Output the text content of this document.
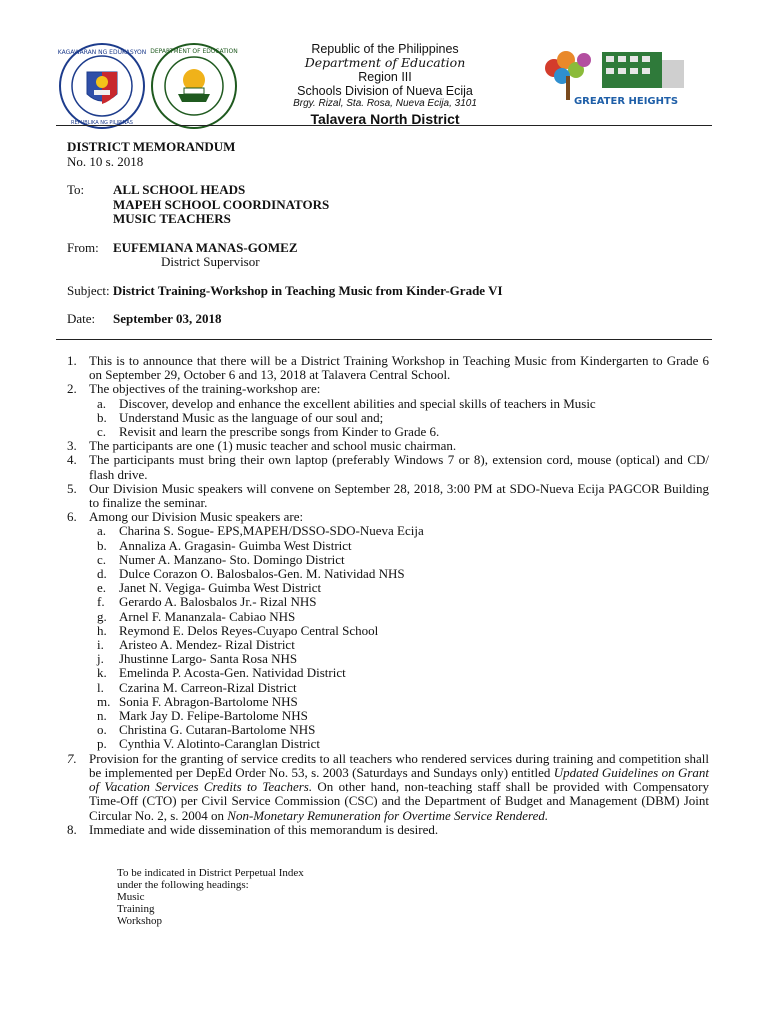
KAGAWARAN NG EDUKASYON
REPUBLIKA NG PILIPINAS
DEPARTMENT OF EDUCATION
GREATER HEIGHTS
Republic of the Philippines
Department of Education
Region III
Schools Division of Nueva Ecija
Brgy. Rizal, Sta. Rosa, Nueva Ecija, 3101
Talavera North District
DISTRICT MEMORANDUM
No. 10 s. 2018
To: ALL SCHOOL HEADS
MAPEH SCHOOL COORDINATORS
MUSIC TEACHERS
From: EUFEMIANA MANAS-GOMEZ
District Supervisor
Subject: District Training-Workshop in Teaching Music from Kinder-Grade VI
Date: September 03, 2018
1. This is to announce that there will be a District Training Workshop in Teaching Music from Kindergarten to Grade 6 on September 29, October 6 and 13, 2018 at Talavera Central School.
2. The objectives of the training-workshop are:
a. Discover, develop and enhance the excellent abilities and special skills of teachers in Music
b. Understand Music as the language of our soul and;
c. Revisit and learn the prescribe songs from Kinder to Grade 6.
3. The participants are one (1) music teacher and school music chairman.
4. The participants must bring their own laptop (preferably Windows 7 or 8), extension cord, mouse (optical) and CD/ flash drive.
5. Our Division Music speakers will convene on September 28, 2018, 3:00 PM at SDO-Nueva Ecija PAGCOR Building to finalize the seminar.
6. Among our Division Music speakers are:
a. Charina S. Sogue- EPS,MAPEH/DSSO-SDO-Nueva Ecija
b. Annaliza A. Gragasin- Guimba West District
c. Numer A. Manzano- Sto. Domingo District
d. Dulce Corazon O. Balosbalos-Gen. M. Natividad NHS
e. Janet N. Vegiga- Guimba West District
f. Gerardo A. Balosbalos Jr.- Rizal NHS
g. Arnel F. Mananzala- Cabiao NHS
h. Reymond E. Delos Reyes-Cuyapo Central School
i. Aristeo A. Mendez- Rizal District
j. Jhustinne Largo- Santa Rosa NHS
k. Emelinda P. Acosta-Gen. Natividad District
l. Czarina M. Carreon-Rizal District
m. Sonia F. Abragon-Bartolome NHS
n. Mark Jay D. Felipe-Bartolome NHS
o. Christina G. Cutaran-Bartolome NHS
p. Cynthia V. Alotinto-Caranglan District
7. Provision for the granting of service credits to all teachers who rendered services during training and competition shall be implemented per DepEd Order No. 53, s. 2003 (Saturdays and Sundays only) entitled Updated Guidelines on Grant of Vacation Services Credits to Teachers. On other hand, non-teaching staff shall be provided with Compensatory Time-Off (CTO) per Civil Service Commission (CSC) and the Department of Budget and Management (DBM) Joint Circular No. 2, s. 2004 on Non-Monetary Remuneration for Overtime Service Rendered.
8. Immediate and wide dissemination of this memorandum is desired.
To be indicated in District Perpetual Index
under the following headings:
Music
Training
Workshop
